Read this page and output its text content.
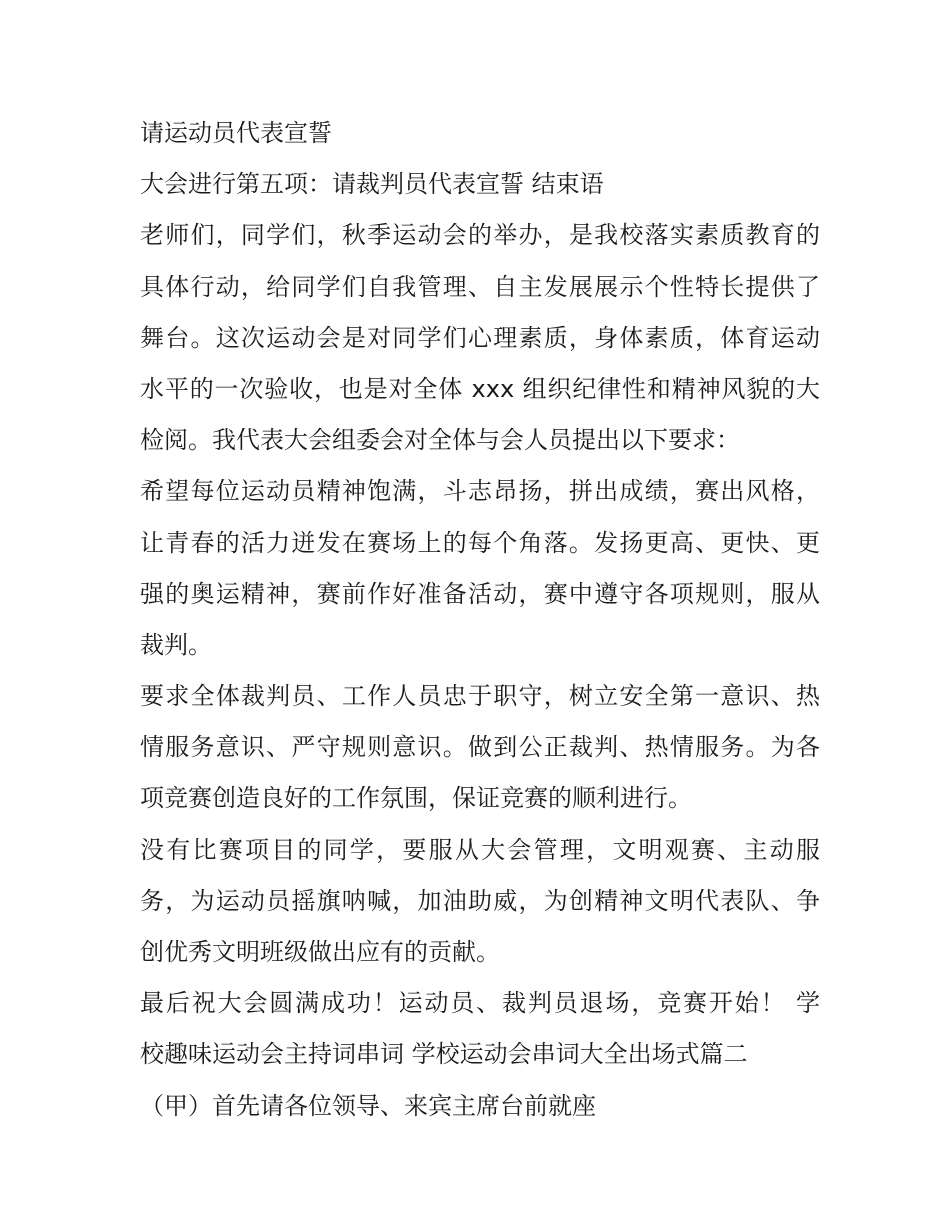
请运动员代表宣誓

大会进行第五项：请裁判员代表宣誓 结束语

老师们，同学们，秋季运动会的举办，是我校落实素质教育的
具体行动，给同学们自我管理、自主发展展示个性特长提供了
舞台。这次运动会是对同学们心理素质，身体素质，体育运动
水平的一次验收，也是对全体 xxx 组织纪律性和精神风貌的大
检阅。我代表大会组委会对全体与会人员提出以下要求：

希望每位运动员精神饱满，斗志昂扬，拼出成绩，赛出风格，
让青春的活力迸发在赛场上的每个角落。发扬更高、更快、更
强的奥运精神，赛前作好准备活动，赛中遵守各项规则，服从
裁判。

要求全体裁判员、工作人员忠于职守，树立安全第一意识、热
情服务意识、严守规则意识。做到公正裁判、热情服务。为各
项竞赛创造良好的工作氛围，保证竞赛的顺利进行。

没有比赛项目的同学，要服从大会管理，文明观赛、主动服
务，为运动员摇旗呐喊，加油助威，为创精神文明代表队、争
创优秀文明班级做出应有的贡献。

最后祝大会圆满成功！运动员、裁判员退场，竞赛开始！ 学
校趣味运动会主持词串词 学校运动会串词大全出场式篇二

（甲）首先请各位领导、来宾主席台前就座
